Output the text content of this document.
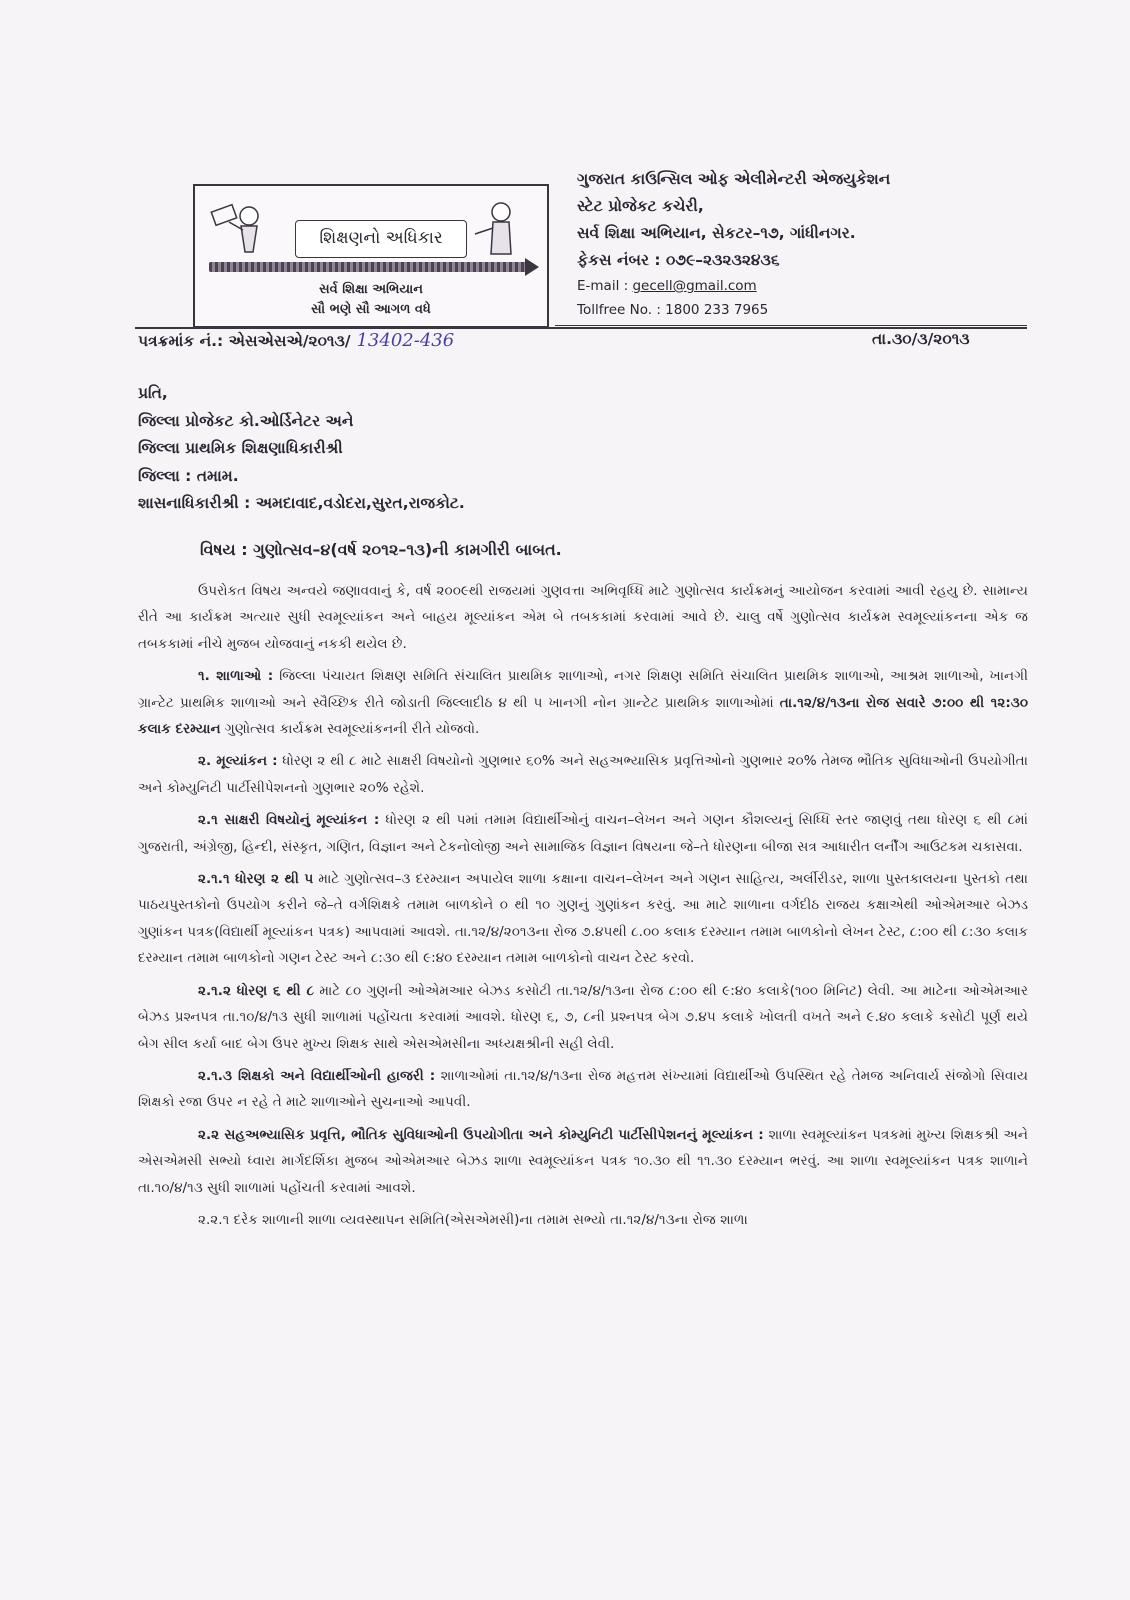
શિક્ષણનો અધિકાર
સર્વ શિક્ષા અભિયાન
સૌ ભણે સૌ આગળ વધે
ગુજરાત કાઉન્સિલ ઓફ એલીમેન્ટરી એજયુકેશન
સ્ટેટ પ્રોજેકટ કચેરી,
સર્વ શિક્ષા અભિયાન, સેકટર–૧૭, ગાંધીનગર.
ફેકસ નંબર : ૦૭૯–૨૩૨૩૨૪૩૬
E-mail : gecell@gmail.com
Tollfree No. : 1800 233 7965
પત્રક્રમાંક નં.: એસએસએ/૨૦૧૩/ 13402-436	તા.૩૦/૩/૨૦૧૩
પ્રતિ,
જિલ્લા પ્રોજેકટ કો.ઓર્ડિનેટર અને
જિલ્લા પ્રાથમિક શિક્ષણાધિકારીશ્રી
જિલ્લા : તમામ.
શાસનાધિકારીશ્રી : અમદાવાદ,વડોદરા,સુરત,રાજકોટ.
વિષય : ગુણોત્સવ–૪(વર્ષ ૨૦૧૨–૧૩)ની કામગીરી બાબત.

ઉપરોકત વિષય અન્વયે જણાવવાનું કે, વર્ષ ૨૦૦૯થી રાજયમાં ગુણવત્તા અભિવૃધ્ધિ માટે ગુણોત્સવ કાર્યક્રમનું આયોજન કરવામાં આવી રહયુ છે. સામાન્ય રીતે આ કાર્યક્રમ અત્યાર સુધી સ્વમૂલ્યાંકન અને બાહય મૂલ્યાંકન એમ બે તબકકામાં કરવામાં આવે છે. ચાલુ વર્ષે ગુણોત્સવ કાર્યક્રમ સ્વમૂલ્યાંકનના એક જ તબકકામાં નીચે મુજબ યોજવાનું નકકી થયેલ છે.

૧. શાળાઓ : જિલ્લા પંચાયત શિક્ષણ સમિતિ સંચાલિત પ્રાથમિક શાળાઓ, નગર શિક્ષણ સમિતિ સંચાલિત પ્રાથમિક શાળાઓ, આશ્રમ શાળાઓ, ખાનગી ગ્રાન્ટેટ પ્રાથમિક શાળાઓ અને સ્વૈચ્છિક રીતે જોડાતી જિલ્લાદીઠ ૪ થી ૫ ખાનગી નોન ગ્રાન્ટેટ પ્રાથમિક શાળાઓમાં તા.૧૨/૪/૧૩ના રોજ સવારે ૭:૦૦ થી ૧૨:૩૦ કલાક દરમ્યાન ગુણોત્સવ કાર્યક્રમ સ્વમૂલ્યાંકનની રીતે યોજવો.

૨. મૂલ્યાંકન : ધોરણ ૨ થી ૮ માટે સાક્ષરી વિષયોનો ગુણભાર ૬૦% અને સહઅભ્યાસિક પ્રવૃત્તિઓનો ગુણભાર ૨૦% તેમજ ભૌતિક સુવિધાઓની ઉપયોગીતા અને કોમ્યુનિટી પાર્ટીસીપેશનનો ગુણભાર ૨૦% રહેશે.

૨.૧ સાક્ષરી વિષયોનું મૂલ્યાંકન : ધોરણ ૨ થી ૫માં તમામ વિદ્યાર્થીઓનું વાચન–લેખન અને ગણન કૌશલ્યનું સિધ્ધિ સ્તર જાણવું તથા ધોરણ ૬ થી ૮માં ગુજરાતી, અંગ્રેજી, હિન્દી, સંસ્કૃત, ગણિત, વિજ્ઞાન અને ટેકનોલોજી અને સામાજિક વિજ્ઞાન વિષયના જે–તે ધોરણના બીજા સત્ર આધારીત લર્નીંગ આઉટકમ ચકાસવા.

૨.૧.૧ ધોરણ ૨ થી ૫ માટે ગુણોત્સવ–૩ દરમ્યાન અપાયેલ શાળા કક્ષાના વાચન–લેખન અને ગણન સાહિત્ય, અર્લીરીડર, શાળા પુસ્તકાલયના પુસ્તકો તથા પાઠયપુસ્તકોનો ઉપયોગ કરીને જે–તે વર્ગશિક્ષકે તમામ બાળકોને ૦ થી ૧૦ ગુણનું ગુણાંકન કરવું. આ માટે શાળાના વર્ગદીઠ રાજય કક્ષાએથી ઓએમઆર બેઝડ ગુણાંકન પત્રક(વિદ્યાર્થી મૂલ્યાંકન પત્રક) આપવામાં આવશે. તા.૧૨/૪/૨૦૧૩ના રોજ ૭.૪૫થી ૮.૦૦ કલાક દરમ્યાન તમામ બાળકોનો લેખન ટેસ્ટ, ૮:૦૦ થી ૮:૩૦ કલાક દરમ્યાન તમામ બાળકોનો ગણન ટેસ્ટ અને ૮:૩૦ થી ૯:૪૦ દરમ્યાન તમામ બાળકોનો વાચન ટેસ્ટ કરવો.

૨.૧.૨ ધોરણ ૬ થી ૮ માટે ૮૦ ગુણની ઓએમઆર બેઝડ કસોટી તા.૧૨/૪/૧૩ના રોજ ૮:૦૦ થી ૯:૪૦ કલાકે(૧૦૦ મિનિટ) લેવી. આ માટેના ઓએમઆર બેઝડ પ્રશ્નપત્ર તા.૧૦/૪/૧૩ સુધી શાળામાં પહોંચતા કરવામાં આવશે. ધોરણ ૬, ૭, ૮ની પ્રશ્નપત્ર બેગ ૭.૪૫ કલાકે ખોલતી વખતે અને ૯.૪૦ કલાકે કસોટી પૂર્ણ થયે બેગ સીલ કર્યા બાદ બેગ ઉપર મુખ્ય શિક્ષક સાથે એસએમસીના અધ્યક્ષશ્રીની સહી લેવી.

૨.૧.૩ શિક્ષકો અને વિદ્યાર્થીઓની હાજરી : શાળાઓમાં તા.૧૨/૪/૧૩ના રોજ મહત્તમ સંખ્યામાં વિદ્યાર્થીઓ ઉપસ્થિત રહે તેમજ અનિવાર્ય સંજોગો સિવાય શિક્ષકો રજા ઉપર ન રહે તે માટે શાળાઓને સુચનાઓ આપવી.

૨.૨ સહઅભ્યાસિક પ્રવૃત્તિ, ભૌતિક સુવિધાઓની ઉપયોગીતા અને કોમ્યુનિટી પાર્ટીસીપેશનનું મૂલ્યાંકન : શાળા સ્વમૂલ્યાંકન પત્રકમાં મુખ્ય શિક્ષકશ્રી અને એસએમસી સભ્યો ધ્વારા માર્ગદર્શિકા મુજબ ઓએમઆર બેઝડ શાળા સ્વમૂલ્યાંકન પત્રક ૧૦.૩૦ થી ૧૧.૩૦ દરમ્યાન ભરવું. આ શાળા સ્વમૂલ્યાંકન પત્રક શાળાને તા.૧૦/૪/૧૩ સુધી શાળામાં પહોંચતી કરવામાં આવશે.

૨.૨.૧ દરેક શાળાની શાળા વ્યવસ્થાપન સમિતિ(એસએમસી)ના તમામ સભ્યો તા.૧૨/૪/૧૩ના રોજ શાળા
